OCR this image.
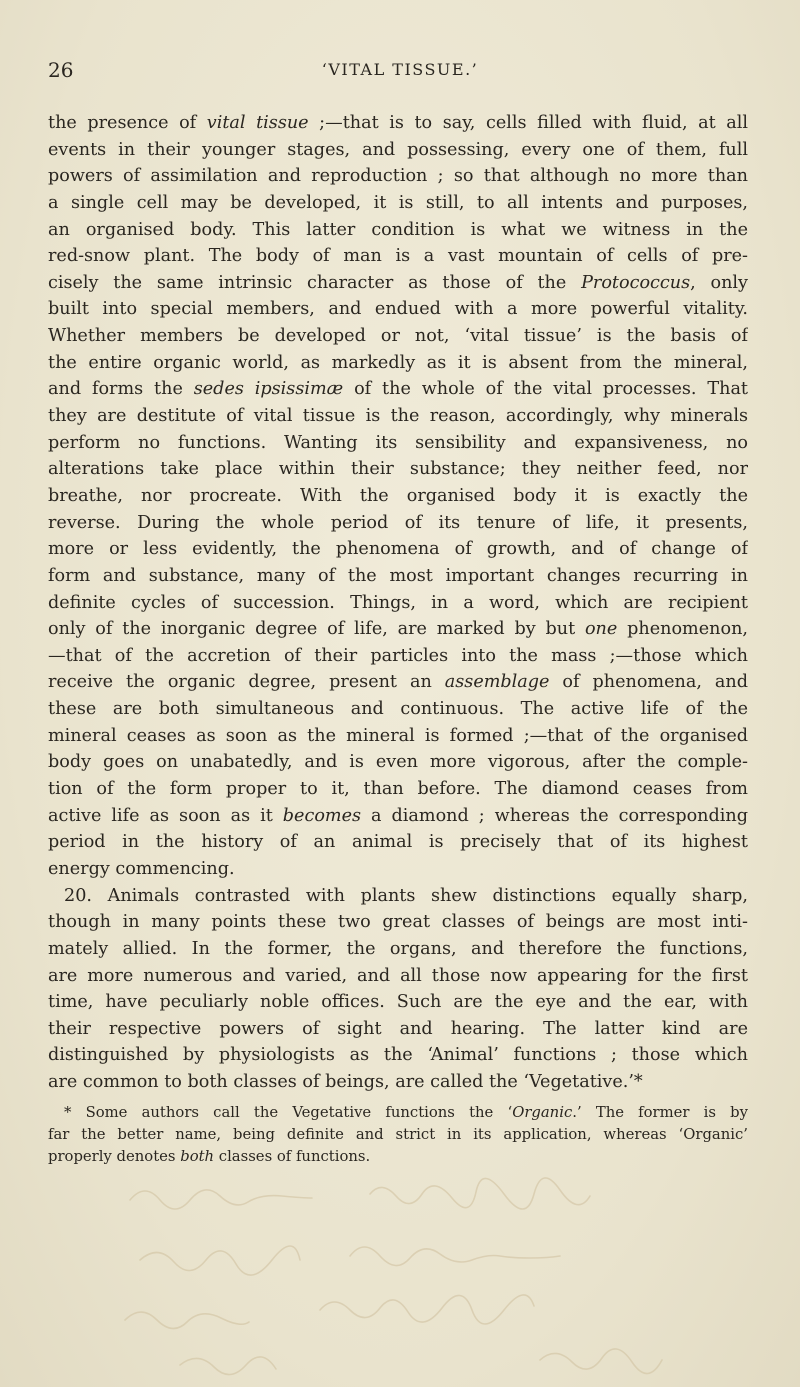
26	‘VITAL TISSUE.’
the presence of vital tissue ;—that is to say, cells filled with fluid, at all
events in their younger stages, and possessing, every one of them, full
powers of assimilation and reproduction ; so that although no more than
a single cell may be developed, it is still, to all intents and purposes,
an organised body. This latter condition is what we witness in the
red-snow plant. The body of man is a vast mountain of cells of pre-
cisely the same intrinsic character as those of the Protococcus, only
built into special members, and endued with a more powerful vitality.
Whether members be developed or not, ‘vital tissue’ is the basis of
the entire organic world, as markedly as it is absent from the mineral,
and forms the sedes ipsissimæ of the whole of the vital processes. That
they are destitute of vital tissue is the reason, accordingly, why minerals
perform no functions. Wanting its sensibility and expansiveness, no
alterations take place within their substance; they neither feed, nor
breathe, nor procreate. With the organised body it is exactly the
reverse. During the whole period of its tenure of life, it presents,
more or less evidently, the phenomena of growth, and of change of
form and substance, many of the most important changes recurring in
definite cycles of succession. Things, in a word, which are recipient
only of the inorganic degree of life, are marked by but one phenomenon,
—that of the accretion of their particles into the mass ;—those which
receive the organic degree, present an assemblage of phenomena, and
these are both simultaneous and continuous. The active life of the
mineral ceases as soon as the mineral is formed ;—that of the organised
body goes on unabatedly, and is even more vigorous, after the comple-
tion of the form proper to it, than before. The diamond ceases from
active life as soon as it becomes a diamond ; whereas the corresponding
period in the history of an animal is precisely that of its highest
energy commencing.
20. Animals contrasted with plants shew distinctions equally sharp,
though in many points these two great classes of beings are most inti-
mately allied. In the former, the organs, and therefore the functions,
are more numerous and varied, and all those now appearing for the first
time, have peculiarly noble offices. Such are the eye and the ear, with
their respective powers of sight and hearing. The latter kind are
distinguished by physiologists as the ‘Animal’ functions ; those which
are common to both classes of beings, are called the ‘Vegetative.’*
* Some authors call the Vegetative functions the ‘Organic.’ The former is by
far the better name, being definite and strict in its application, whereas ‘Organic’
properly denotes both classes of functions.
